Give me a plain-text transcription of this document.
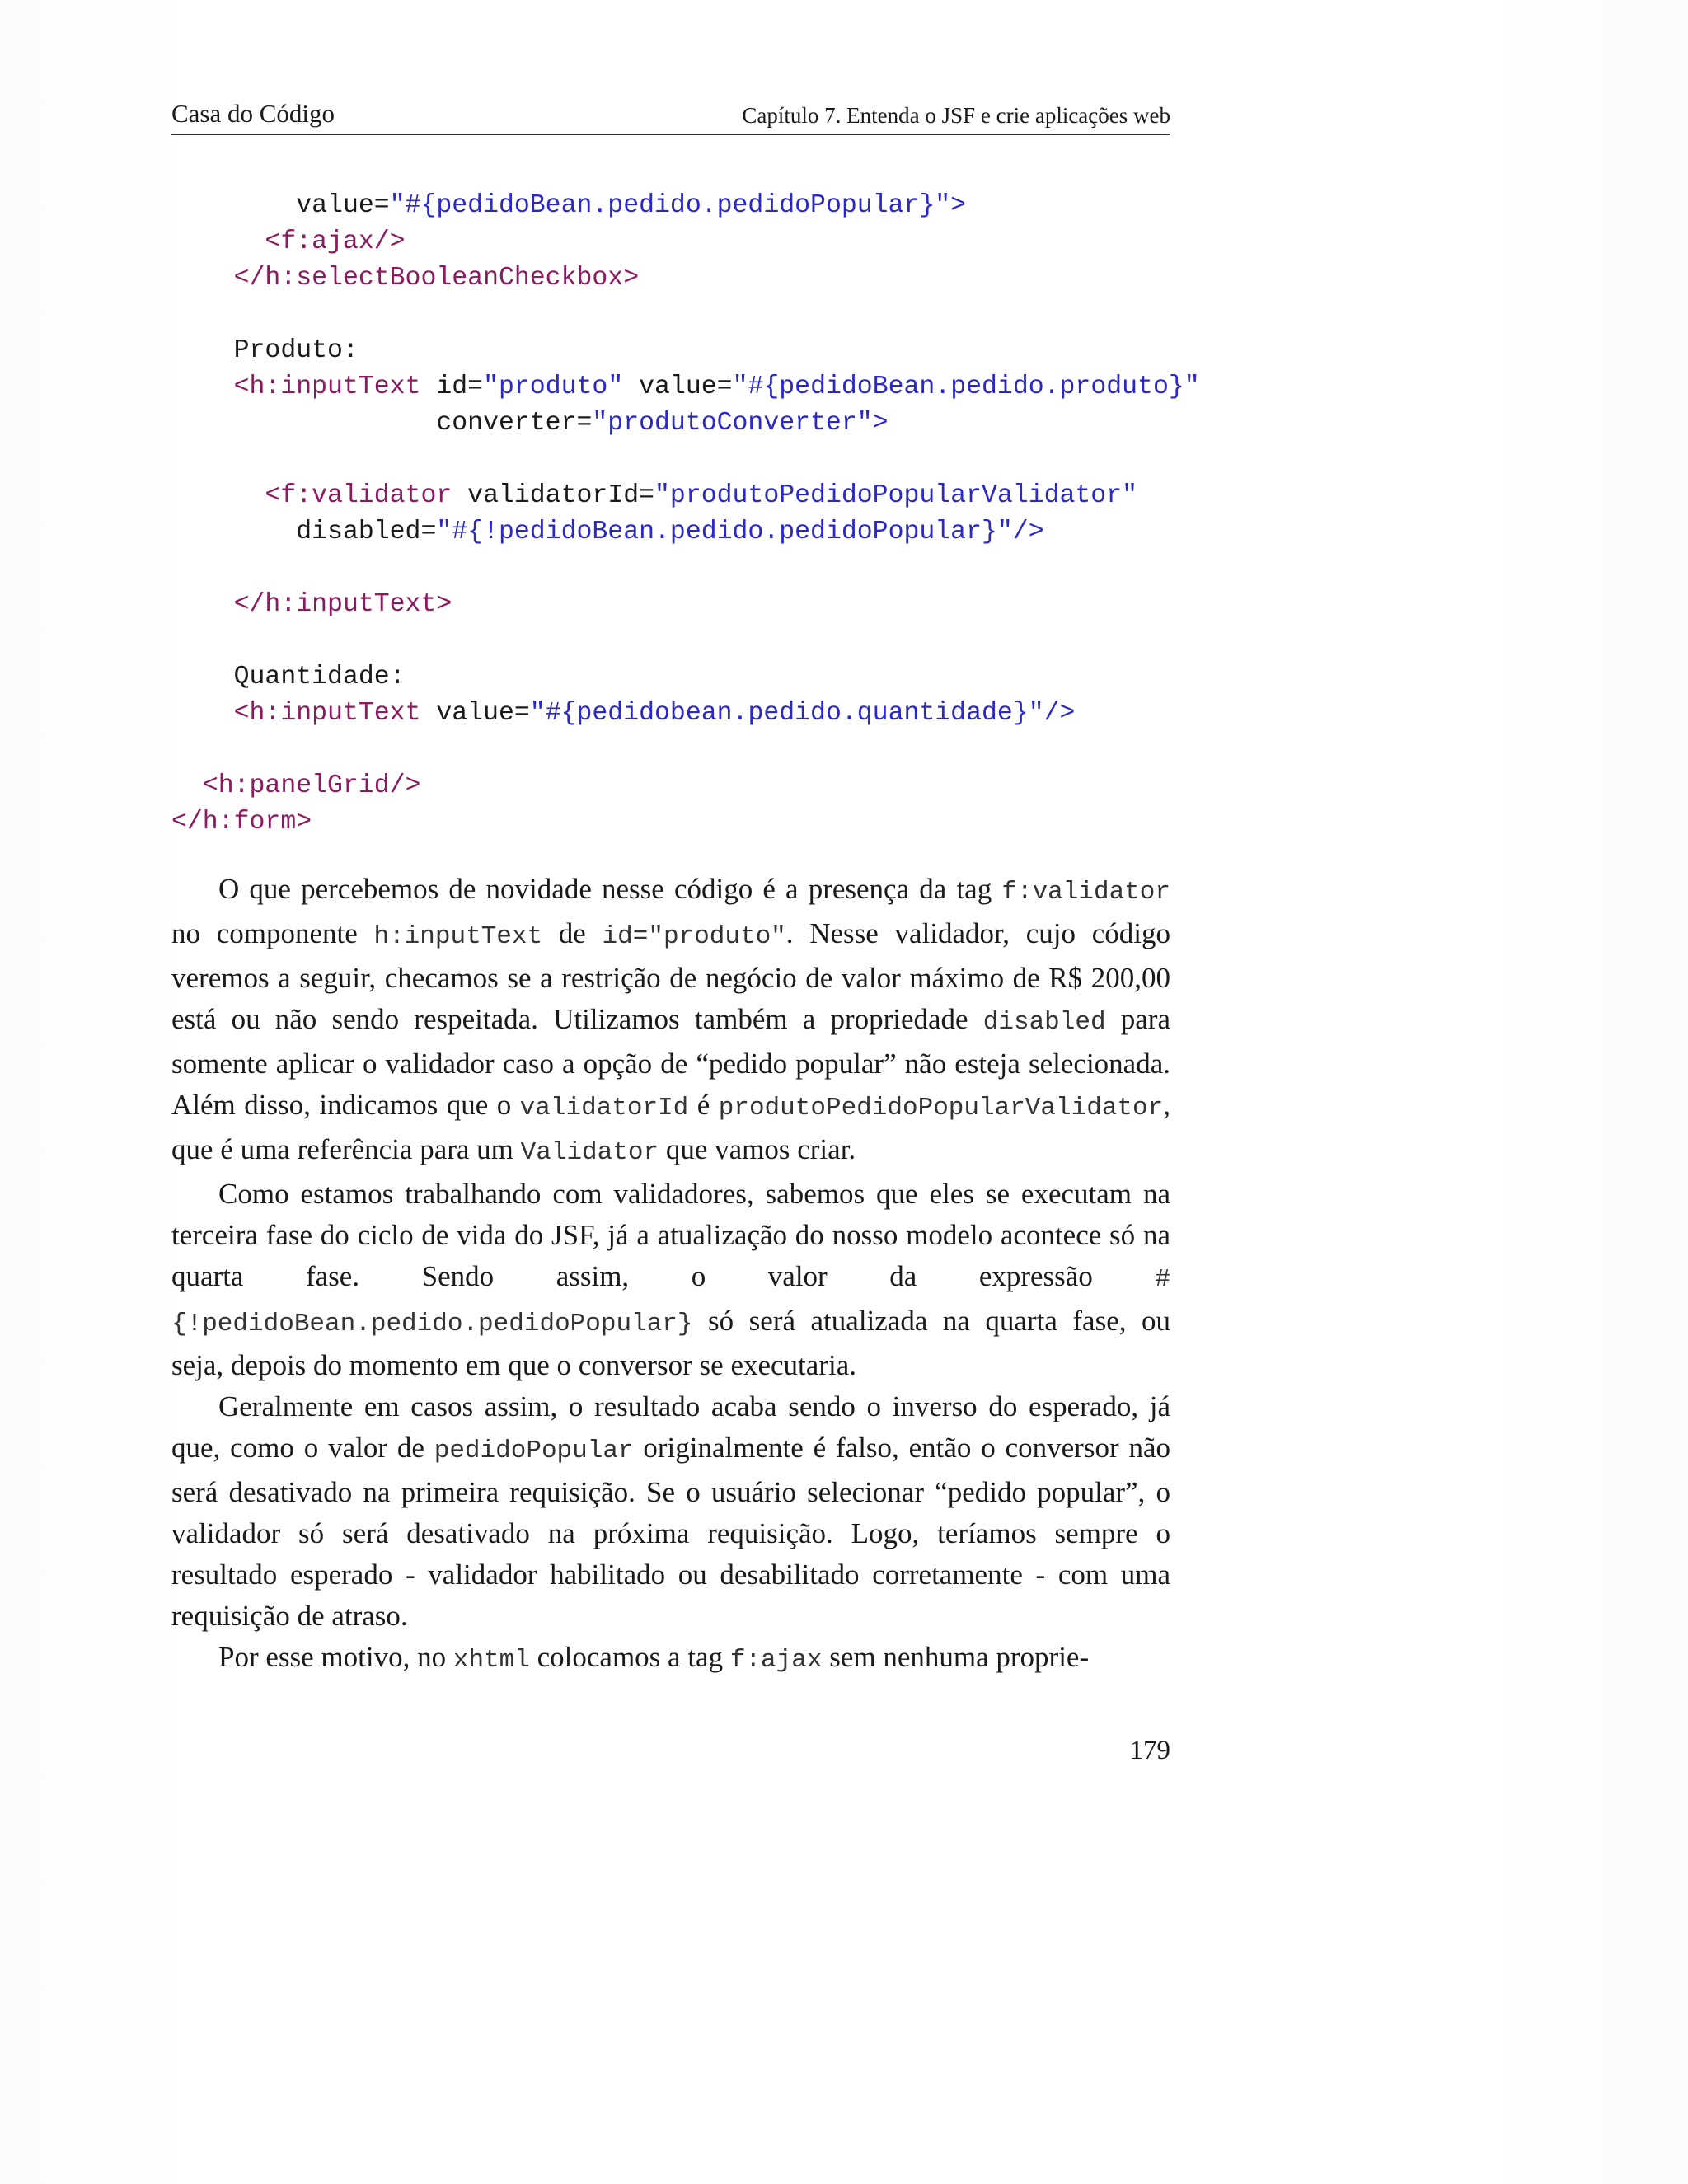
Casa do Código	Capítulo 7. Entenda o JSF e crie aplicações web
value="#{pedidoBean.pedido.pedidoPopular}">
<f:ajax/>
</h:selectBooleanCheckbox>

Produto:
<h:inputText id="produto" value="#{pedidoBean.pedido.produto}"
converter="produtoConverter">

<f:validator validatorId="produtoPedidoPopularValidator"
disabled="#{!pedidoBean.pedido.pedidoPopular}"/>

</h:inputText>

Quantidade:
<h:inputText value="#{pedidobean.pedido.quantidade}"/>

<h:panelGrid/>
</h:form>

O que percebemos de novidade nesse código é a presença da tag f:validator no componente h:inputText de id="produto". Nesse validador, cujo código veremos a seguir, checamos se a restrição de negócio de valor máximo de R$ 200,00 está ou não sendo respeitada. Utilizamos também a propriedade disabled para somente aplicar o validador caso a opção de “pedido popular” não esteja selecionada. Além disso, indicamos que o validatorId é produtoPedidoPopularValidator, que é uma referência para um Validator que vamos criar.

Como estamos trabalhando com validadores, sabemos que eles se executam na terceira fase do ciclo de vida do JSF, já a atualização do nosso modelo acontece só na quarta fase. Sendo assim, o valor da expressão #{!pedidoBean.pedido.pedidoPopular} só será atualizada na quarta fase, ou seja, depois do momento em que o conversor se executaria.

Geralmente em casos assim, o resultado acaba sendo o inverso do esperado, já que, como o valor de pedidoPopular originalmente é falso, então o conversor não será desativado na primeira requisição. Se o usuário selecionar “pedido popular”, o validador só será desativado na próxima requisição. Logo, teríamos sempre o resultado esperado - validador habilitado ou desabilitado corretamente - com uma requisição de atraso.

Por esse motivo, no xhtml colocamos a tag f:ajax sem nenhuma proprie-

179
